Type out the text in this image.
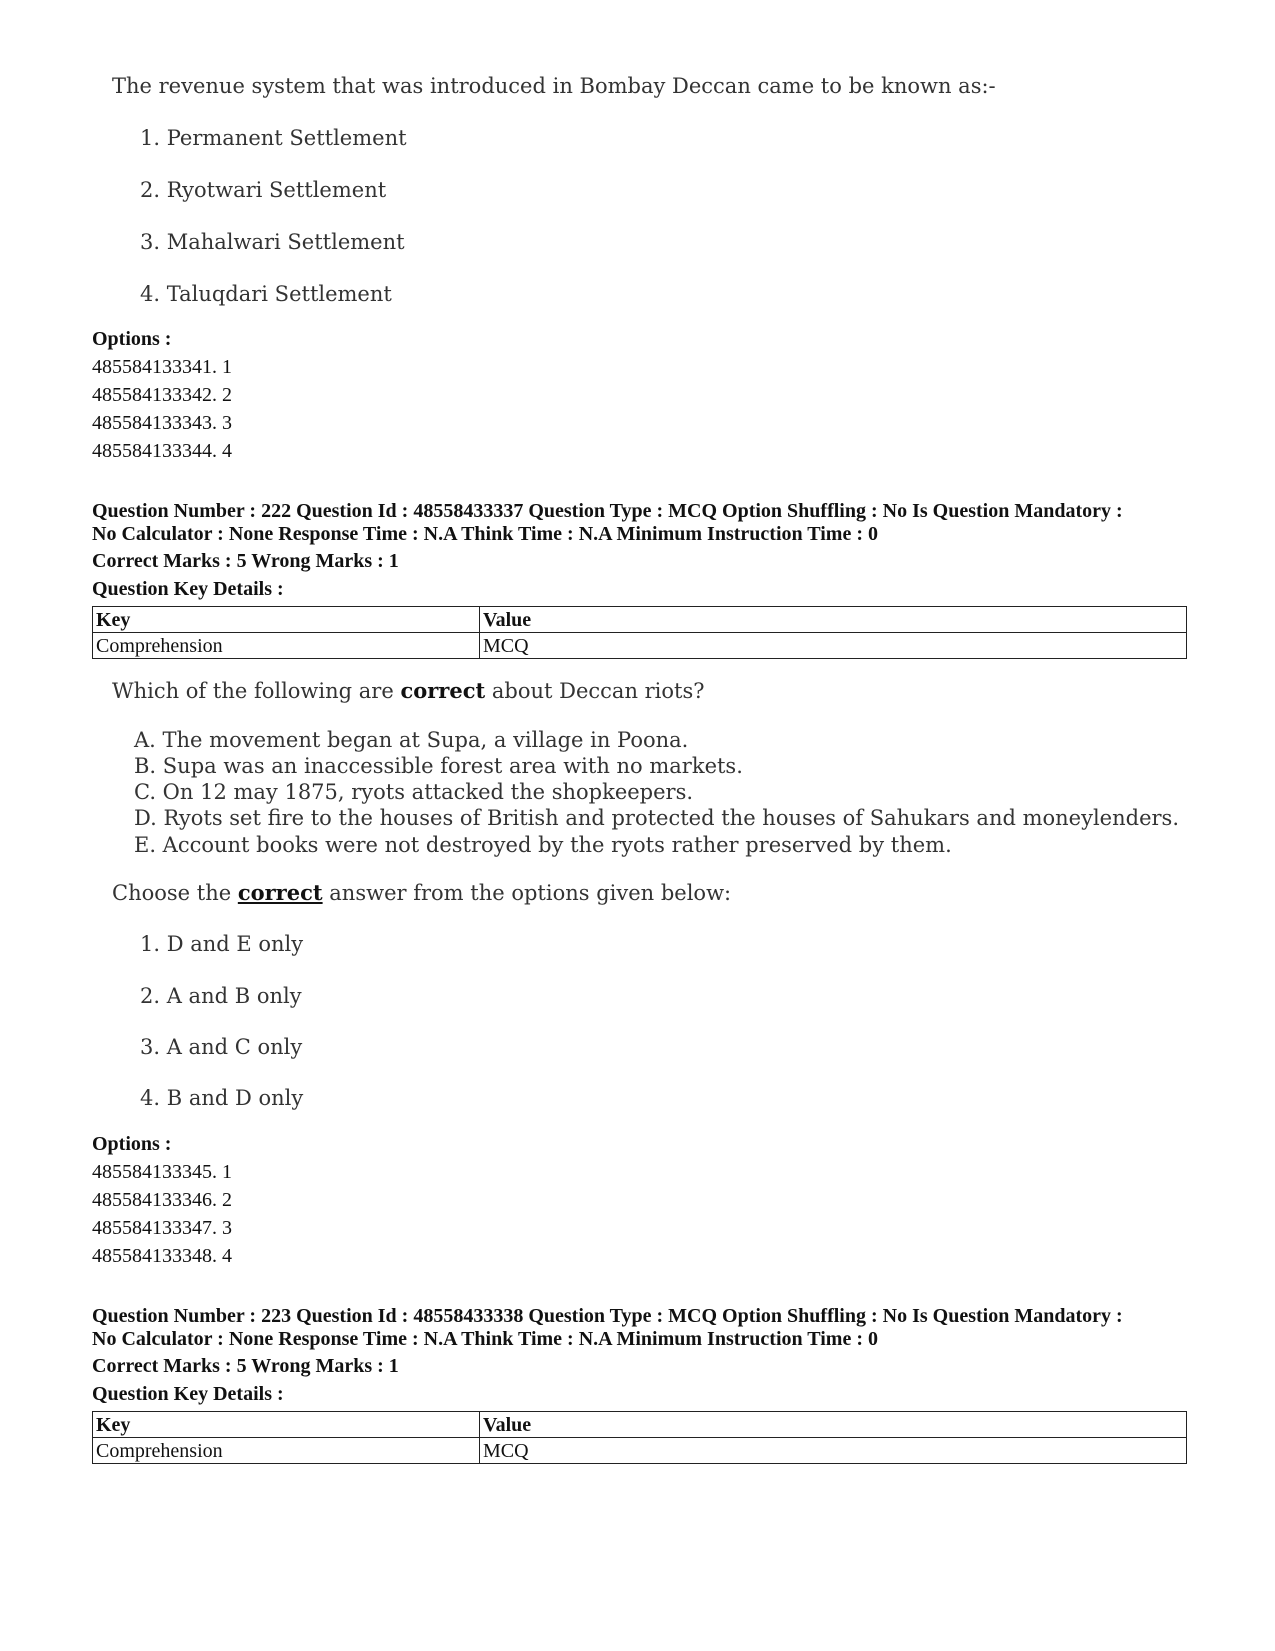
The revenue system that was introduced in Bombay Deccan came to be known as:-
1. Permanent Settlement
2. Ryotwari Settlement
3. Mahalwari Settlement
4. Taluqdari Settlement
Options :
485584133341. 1
485584133342. 2
485584133343. 3
485584133344. 4
Question Number : 222 Question Id : 48558433337 Question Type : MCQ Option Shuffling : No Is Question Mandatory :
No Calculator : None Response Time : N.A Think Time : N.A Minimum Instruction Time : 0
Correct Marks : 5 Wrong Marks : 1
Question Key Details :
Key	Value
Comprehension	MCQ
Which of the following are correct about Deccan riots?
A. The movement began at Supa, a village in Poona.
B. Supa was an inaccessible forest area with no markets.
C. On 12 may 1875, ryots attacked the shopkeepers.
D. Ryots set fire to the houses of British and protected the houses of Sahukars and moneylenders.
E. Account books were not destroyed by the ryots rather preserved by them.
Choose the correct answer from the options given below:
1. D and E only
2. A and B only
3. A and C only
4. B and D only
Options :
485584133345. 1
485584133346. 2
485584133347. 3
485584133348. 4
Question Number : 223 Question Id : 48558433338 Question Type : MCQ Option Shuffling : No Is Question Mandatory :
No Calculator : None Response Time : N.A Think Time : N.A Minimum Instruction Time : 0
Correct Marks : 5 Wrong Marks : 1
Question Key Details :
Key	Value
Comprehension	MCQ
